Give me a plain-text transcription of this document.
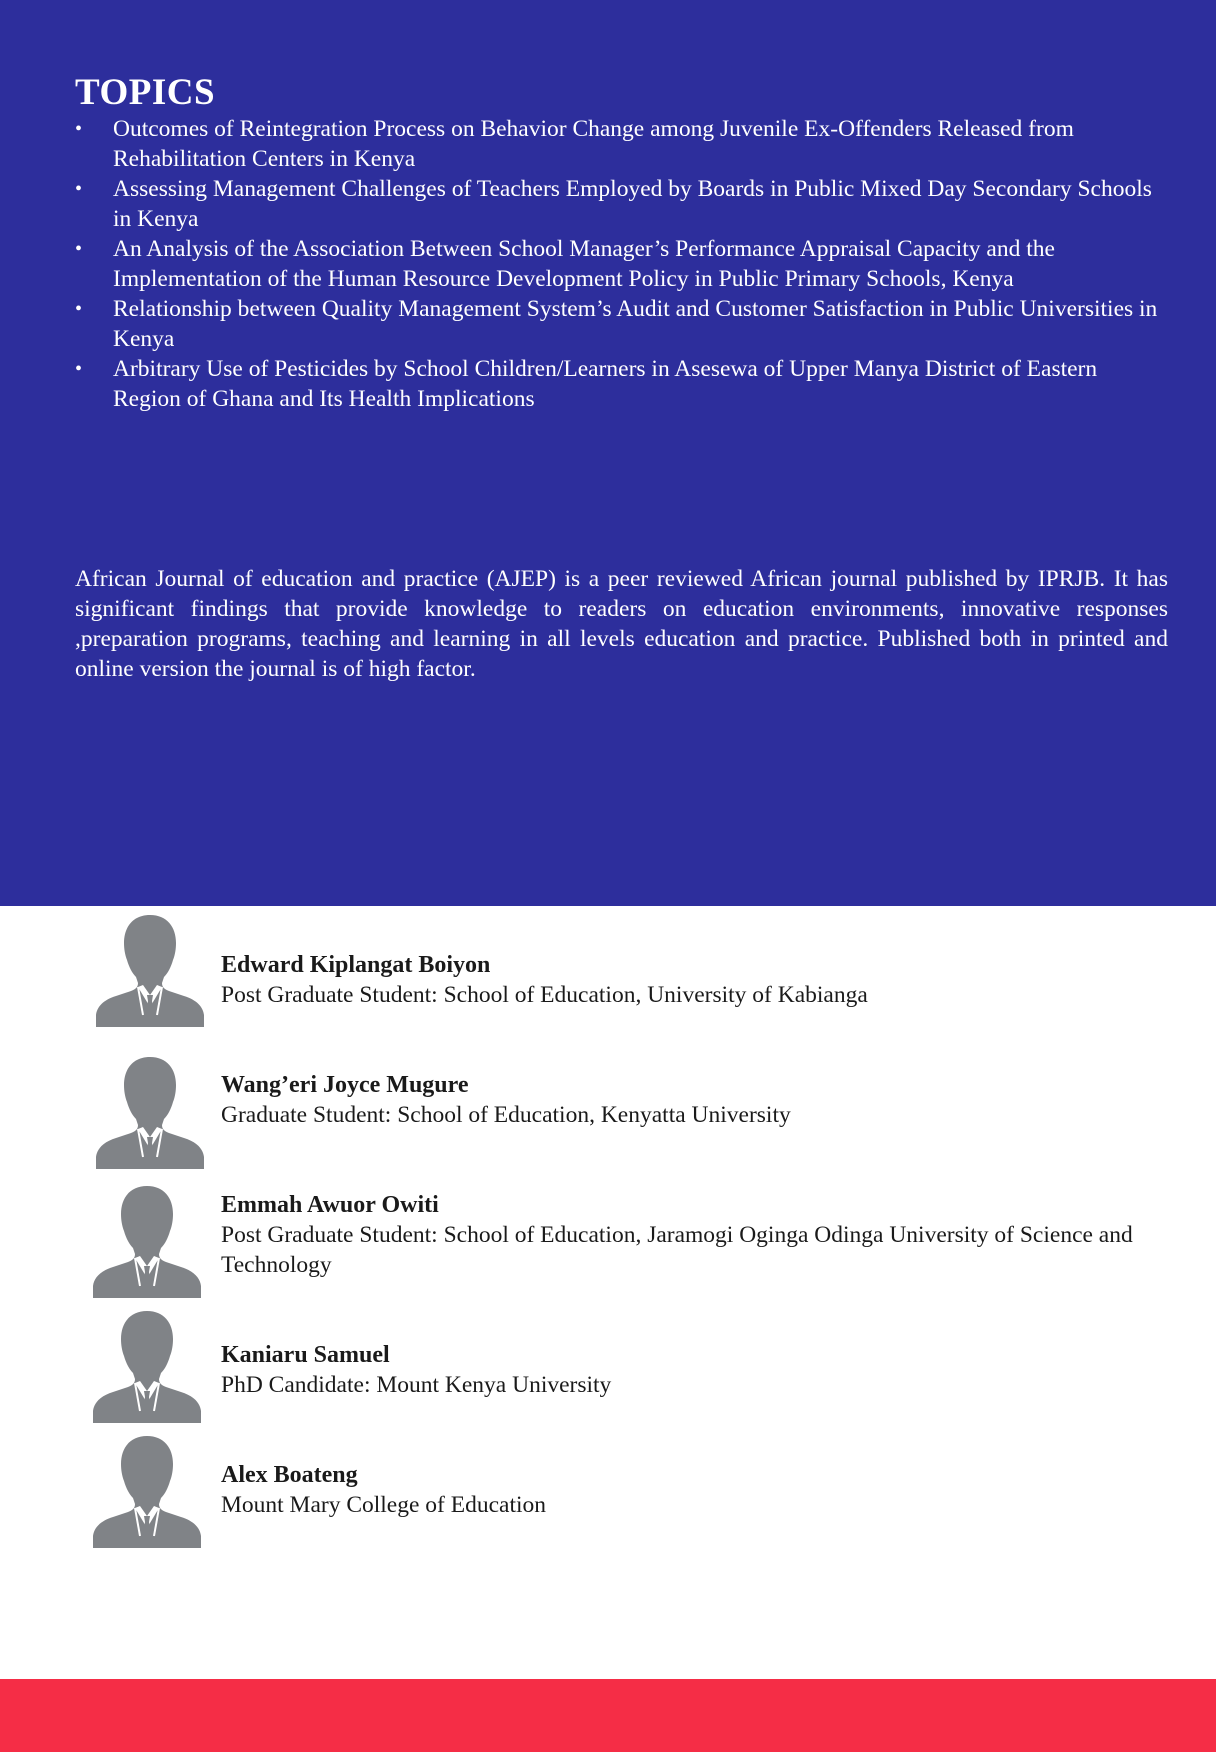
TOPICS
• Outcomes of Reintegration Process on Behavior Change among Juvenile Ex-Offenders Released from Rehabilitation Centers in Kenya
• Assessing Management Challenges of Teachers Employed by Boards in Public Mixed Day Secondary Schools in Kenya
• An Analysis of the Association Between School Manager’s Performance Appraisal Capacity and the Implementation of the Human Resource Development Policy in Public Primary Schools, Kenya
• Relationship between Quality Management System’s Audit and Customer Satisfaction in Public Universities in Kenya
• Arbitrary Use of Pesticides by School Children/Learners in Asesewa of Upper Manya District of Eastern Region of Ghana and Its Health Implications

African Journal of education and practice (AJEP) is a peer reviewed African journal published by IPRJB. It has significant findings that provide knowledge to readers on education environments, innovative responses ,preparation programs, teaching and learning in all levels education and practice. Published both in printed and online version the journal is of high factor.

Edward Kiplangat Boiyon
Post Graduate Student: School of Education, University of Kabianga
Wang’eri Joyce Mugure
Graduate Student: School of Education, Kenyatta University
Emmah Awuor Owiti
Post Graduate Student: School of Education, Jaramogi Oginga Odinga University of Science and Technology
Kaniaru Samuel
PhD Candidate: Mount Kenya University
Alex Boateng
Mount Mary College of Education
